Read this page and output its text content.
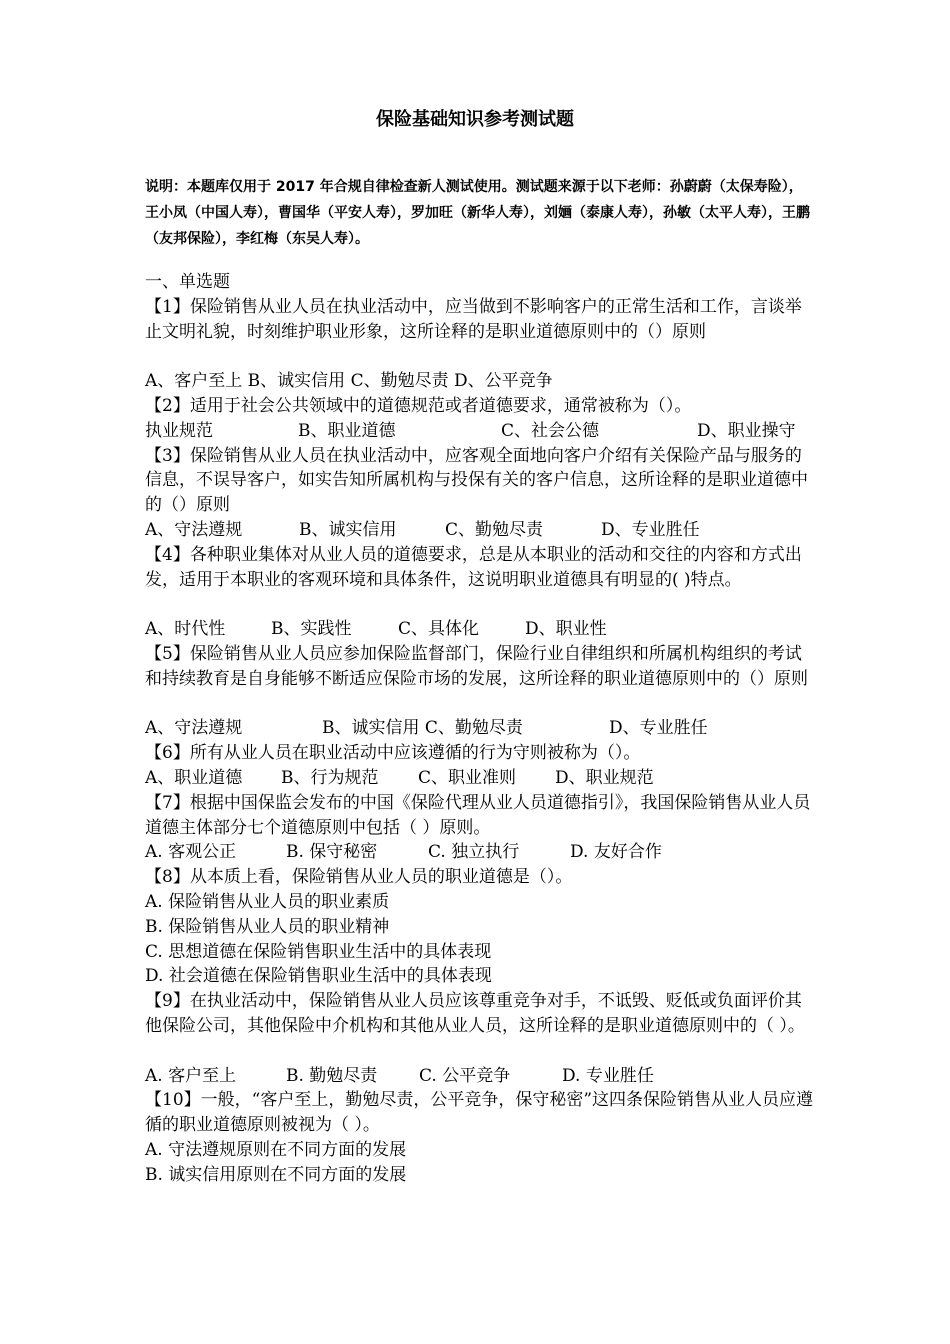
保险基础知识参考测试题
说明：本题库仅用于 2017 年合规自律检查新人测试使用。测试题来源于以下老师：孙蔚蔚（太保寿险），王小凤（中国人寿），曹国华（平安人寿），罗加旺（新华人寿），刘婳（泰康人寿），孙敏（太平人寿），王鹏（友邦保险），李红梅（东吴人寿）。
一、单选题
【1】保险销售从业人员在执业活动中，应当做到不影响客户的正常生活和工作，言谈举止文明礼貌，时刻维护职业形象，这所诠释的是职业道德原则中的（）原则
A、客户至上 B、诚实信用 C、勤勉尽责 D、公平竞争
【2】适用于社会公共领域中的道德规范或者道德要求，通常被称为（）。
执业规范	B、职业道德	C、社会公德	D、职业操守
【3】保险销售从业人员在执业活动中，应客观全面地向客户介绍有关保险产品与服务的信息，不误导客户，如实告知所属机构与投保有关的客户信息，这所诠释的是职业道德中的（）原则
A、守法遵规	B、诚实信用	C、勤勉尽责	D、专业胜任
【4】各种职业集体对从业人员的道德要求，总是从本职业的活动和交往的内容和方式出发，适用于本职业的客观环境和具体条件，这说明职业道德具有明显的( )特点。
A、时代性	B、实践性	C、具体化	D、职业性
【5】保险销售从业人员应参加保险监督部门，保险行业自律组织和所属机构组织的考试和持续教育是自身能够不断适应保险市场的发展，这所诠释的职业道德原则中的（）原则
A、守法遵规	B、诚实信用 C、勤勉尽责	D、专业胜任
【6】所有从业人员在职业活动中应该遵循的行为守则被称为（）。
A、职业道德 B、行为规范 C、职业准则 D、职业规范
【7】根据中国保监会发布的中国《保险代理从业人员道德指引》，我国保险销售从业人员道德主体部分七个道德原则中包括（ ）原则。
A. 客观公正	B. 保守秘密	C. 独立执行	D. 友好合作
【8】从本质上看，保险销售从业人员的职业道德是（）。
A. 保险销售从业人员的职业素质
B. 保险销售从业人员的职业精神
C. 思想道德在保险销售职业生活中的具体表现
D. 社会道德在保险销售职业生活中的具体表现
【9】在执业活动中，保险销售从业人员应该尊重竞争对手，不诋毁、贬低或负面评价其他保险公司，其他保险中介机构和其他从业人员，这所诠释的是职业道德原则中的（ ）。
A. 客户至上	B. 勤勉尽责 C. 公平竞争	D. 专业胜任
【10】一般，“客户至上，勤勉尽责，公平竞争，保守秘密”这四条保险销售从业人员应遵循的职业道德原则被视为（ ）。
A. 守法遵规原则在不同方面的发展
B. 诚实信用原则在不同方面的发展
